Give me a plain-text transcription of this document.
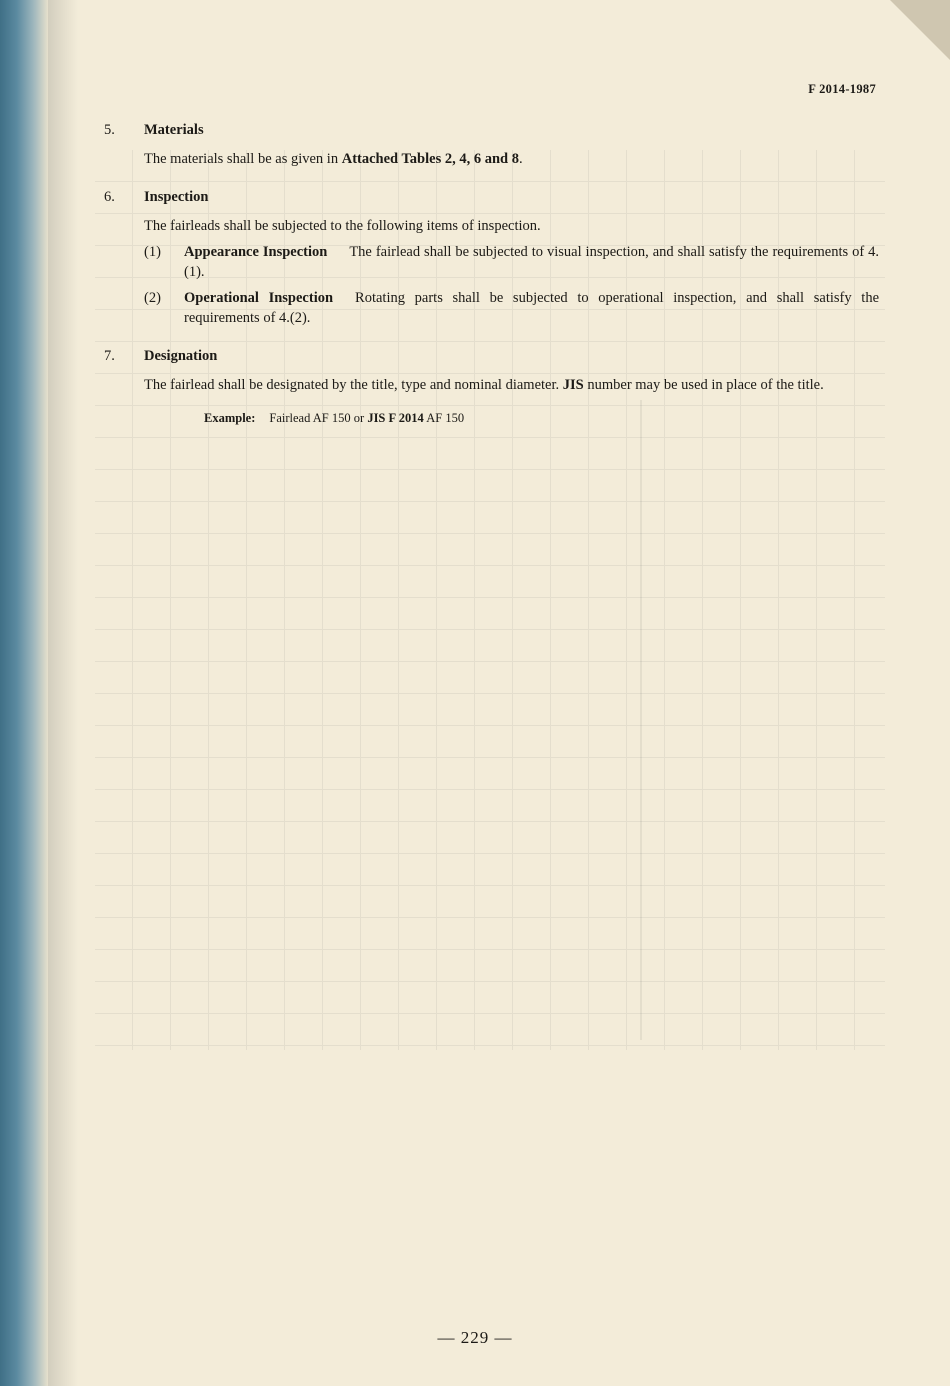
F 2014-1987
5.	Materials
The materials shall be as given in Attached Tables 2, 4, 6 and 8.
6.	Inspection
The fairleads shall be subjected to the following items of inspection.
(1)	Appearance Inspection The fairlead shall be subjected to visual inspection, and shall satisfy the requirements of 4.(1).
(2)	Operational Inspection Rotating parts shall be subjected to operational inspection, and shall satisfy the requirements of 4.(2).
7.	Designation
The fairlead shall be designated by the title, type and nominal diameter. JIS number may be used in place of the title.
Example: Fairlead AF 150 or JIS F 2014 AF 150
— 229 —
